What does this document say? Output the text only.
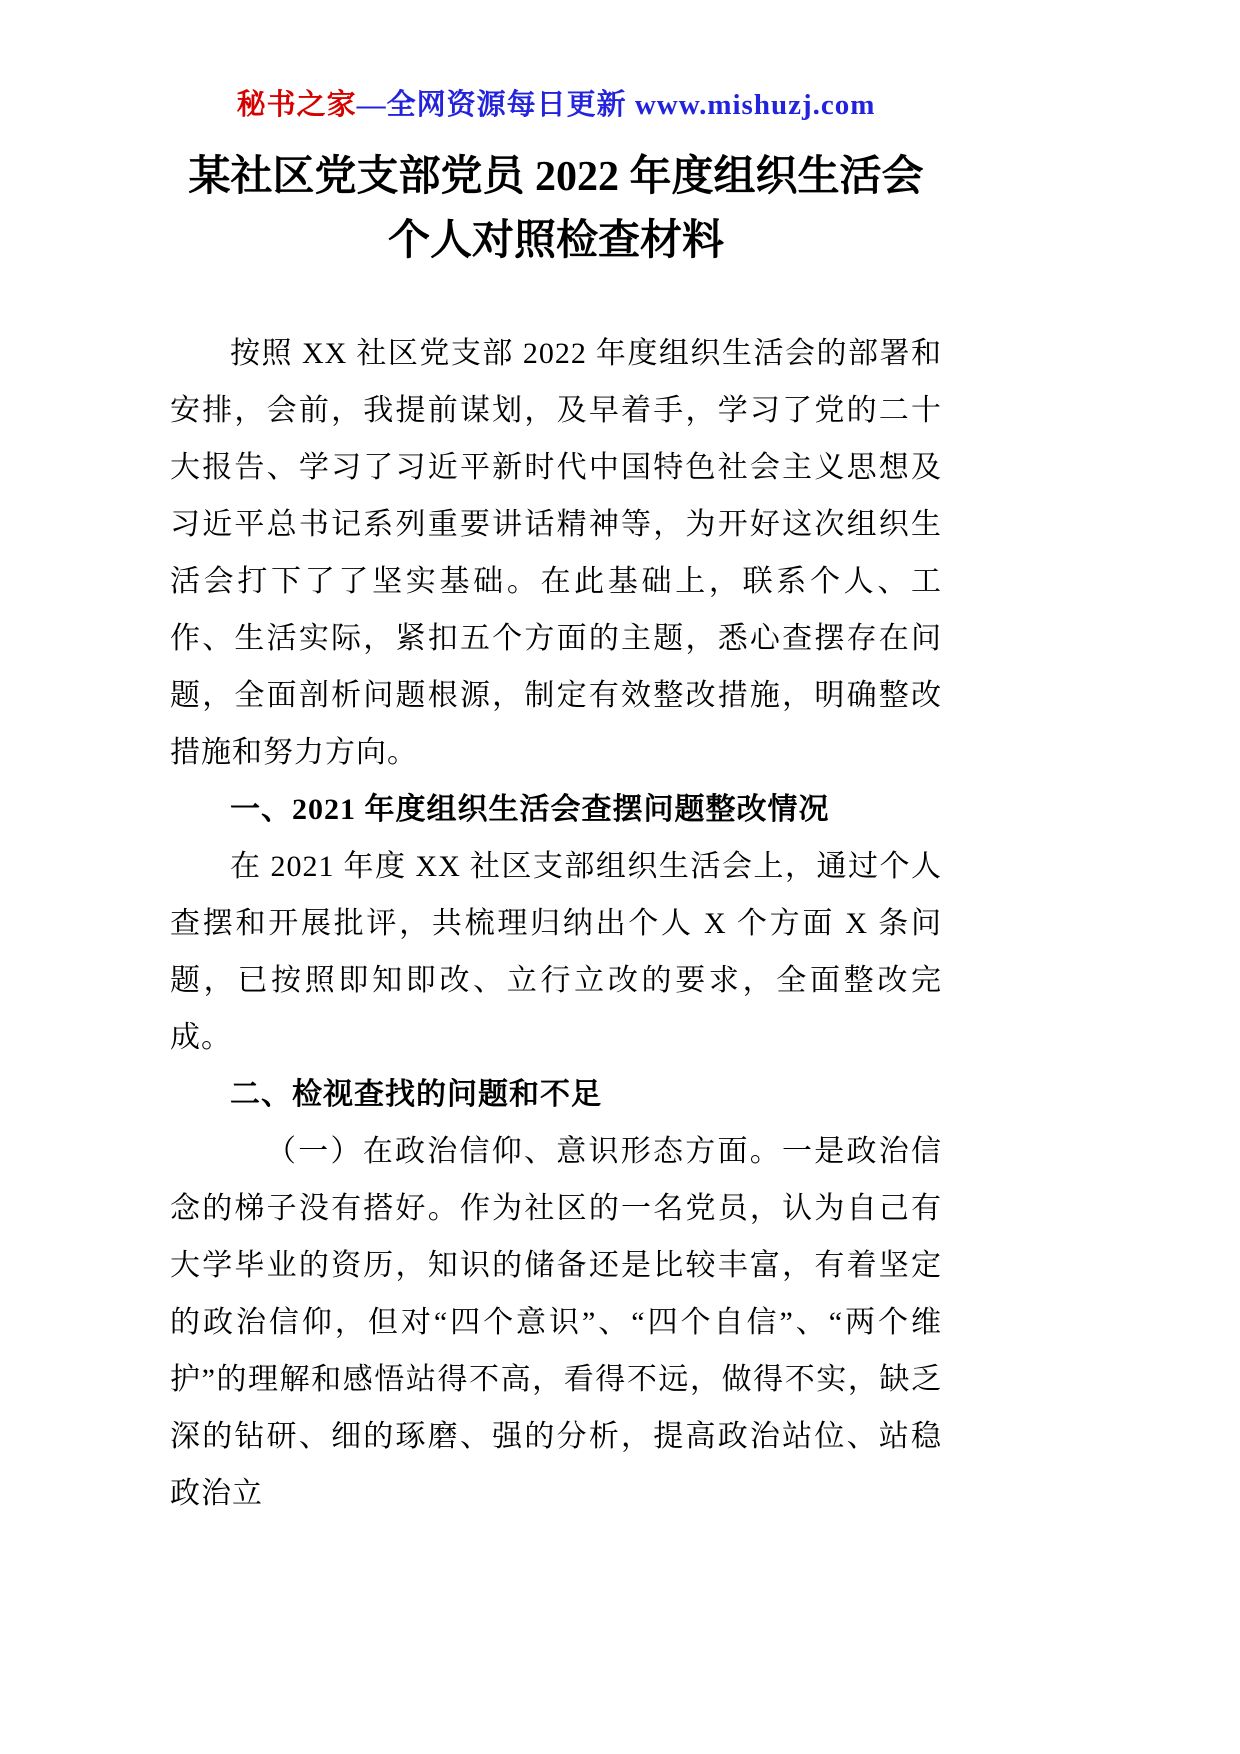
秘书之家—全网资源每日更新 www.mishuzj.com
某社区党支部党员 2022 年度组织生活会
个人对照检查材料

按照 XX 社区党支部 2022 年度组织生活会的部署和安排，会前，我提前谋划，及早着手，学习了党的二十大报告、学习了习近平新时代中国特色社会主义思想及习近平总书记系列重要讲话精神等，为开好这次组织生活会打下了了坚实基础。在此基础上，联系个人、工作、生活实际，紧扣五个方面的主题，悉心查摆存在问题，全面剖析问题根源，制定有效整改措施，明确整改措施和努力方向。

一、2021 年度组织生活会查摆问题整改情况

在 2021 年度 XX 社区支部组织生活会上，通过个人查摆和开展批评，共梳理归纳出个人 X 个方面 X 条问题，已按照即知即改、立行立改的要求，全面整改完成。

二、检视查找的问题和不足

（一）在政治信仰、意识形态方面。一是政治信念的梯子没有搭好。作为社区的一名党员，认为自己有大学毕业的资历，知识的储备还是比较丰富，有着坚定的政治信仰，但对“四个意识”、“四个自信”、“两个维护”的理解和感悟站得不高，看得不远，做得不实，缺乏深的钻研、细的琢磨、强的分析，提高政治站位、站稳政治立
